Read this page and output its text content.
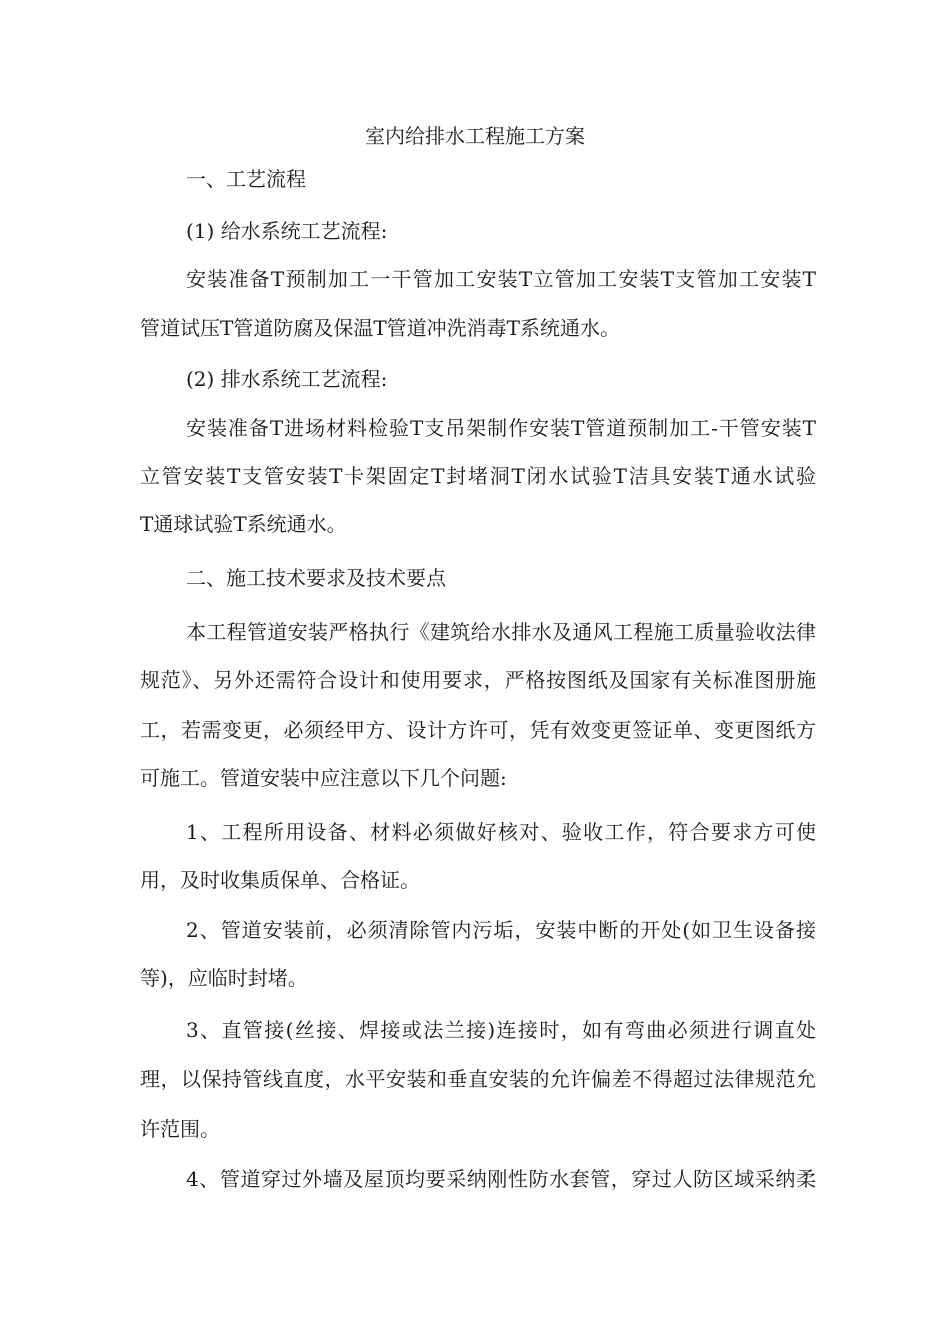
室内给排水工程施工方案
一、工艺流程
(1) 给水系统工艺流程:
安装准备T预制加工一干管加工安装T立管加工安装T支管加工安装T
管道试压T管道防腐及保温T管道冲洗消毒T系统通水。
(2) 排水系统工艺流程:
安装准备T进场材料检验T支吊架制作安装T管道预制加工-干管安装T
立管安装T支管安装T卡架固定T封堵洞T闭水试验T洁具安装T通水试验
T通球试验T系统通水。
二、施工技术要求及技术要点
本工程管道安装严格执行《建筑给水排水及通风工程施工质量验收法律
规范》、另外还需符合设计和使用要求，严格按图纸及国家有关标准图册施
工，若需变更，必须经甲方、设计方许可，凭有效变更签证单、变更图纸方
可施工。管道安装中应注意以下几个问题:
1、工程所用设备、材料必须做好核对、验收工作，符合要求方可使
用，及时收集质保单、合格证。
2、管道安装前，必须清除管内污垢，安装中断的开处(如卫生设备接
等)，应临时封堵。
3、直管接(丝接、焊接或法兰接)连接时，如有弯曲必须进行调直处
理，以保持管线直度，水平安装和垂直安装的允许偏差不得超过法律规范允
许范围。
4、管道穿过外墙及屋顶均要采纳刚性防水套管，穿过人防区域采纳柔
